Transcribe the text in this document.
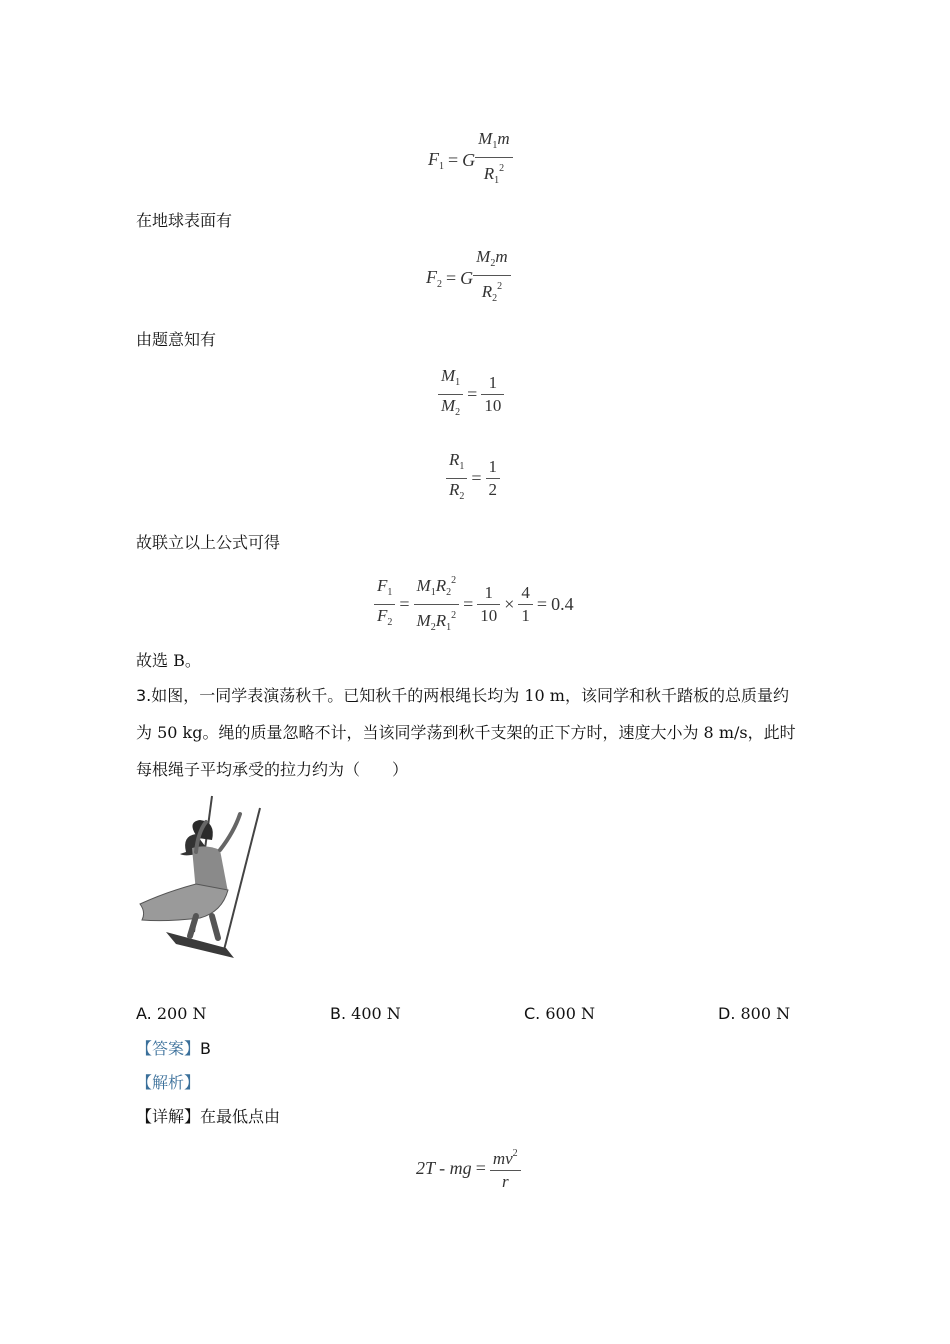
$F_1 = G \frac{M_1m}{R_1^2}$
在地球表面有
$F_2 = G \frac{M_2m}{R_2^2}$
由题意知有
$\frac{M_1}{M_2} = \frac{1}{10}$
$\frac{R_1}{R_2} = \frac{1}{2}$
故联立以上公式可得
$\frac{F_1}{F_2} = \frac{M_1R_2^2}{M_2R_1^2} = \frac{1}{10} \times \frac{4}{1} = 0.4$
故选 B。
3.如图，一同学表演荡秋千。已知秋千的两根绳长均为 10 m，该同学和秋千踏板的总质量约
为 50 kg。绳的质量忽略不计，当该同学荡到秋千支架的正下方时，速度大小为 8 m/s，此时
每根绳子平均承受的拉力约为（　　）
A. 200 N	B. 400 N	C. 600 N	D. 800 N
【答案】B
【解析】
【详解】在最低点由
2T - mg = $\frac{mv^2}{r}$
